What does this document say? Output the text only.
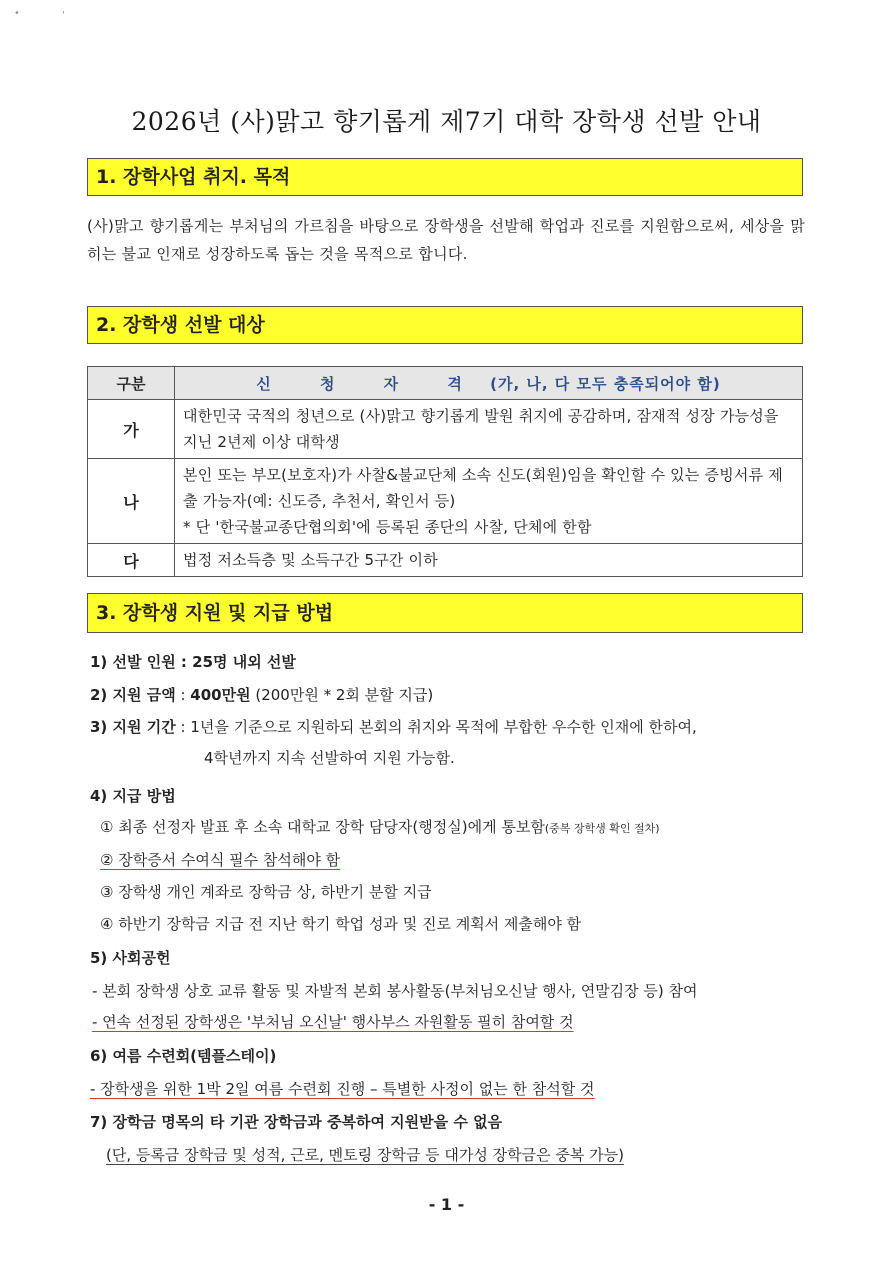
•	'
2026년 (사)맑고 향기롭게 제7기 대학 장학생 선발 안내
1. 장학사업 취지. 목적
(사)맑고 향기롭게는 부처님의 가르침을 바탕으로 장학생을 선발해 학업과 진로를 지원함으로써, 세상을 맑히는 불교 인재로 성장하도록 돕는 것을 목적으로 합니다.
2. 장학생 선발 대상
구분	신 청 자 격 (가, 나, 다 모두 충족되어야 함)
가	대한민국 국적의 청년으로 (사)맑고 향기롭게 발원 취지에 공감하며, 잠재적 성장 가능성을 지닌 2년제 이상 대학생
나	본인 또는 부모(보호자)가 사찰&불교단체 소속 신도(회원)임을 확인할 수 있는 증빙서류 제출 가능자(예: 신도증, 추천서, 확인서 등)
* 단 '한국불교종단협의회'에 등록된 종단의 사찰, 단체에 한함

다	법정 저소득층 및 소득구간 5구간 이하
3. 장학생 지원 및 지급 방법
1) 선발 인원 : 25명 내외 선발
2) 지원 금액 : 400만원 (200만원 * 2회 분할 지급)
3) 지원 기간 : 1년을 기준으로 지원하되 본회의 취지와 목적에 부합한 우수한 인재에 한하여,
4학년까지 지속 선발하여 지원 가능함.
4) 지급 방법
① 최종 선정자 발표 후 소속 대학교 장학 담당자(행정실)에게 통보함(중복 장학생 확인 절차)
② 장학증서 수여식 필수 참석해야 함
③ 장학생 개인 계좌로 장학금 상, 하반기 분할 지급
④ 하반기 장학금 지급 전 지난 학기 학업 성과 및 진로 계획서 제출해야 함
5) 사회공헌
- 본회 장학생 상호 교류 활동 및 자발적 본회 봉사활동(부처님오신날 행사, 연말김장 등) 참여
- 연속 선정된 장학생은 '부처님 오신날' 행사부스 자원활동 필히 참여할 것
6) 여름 수련회(템플스테이)
- 장학생을 위한 1박 2일 여름 수련회 진행 – 특별한 사정이 없는 한 참석할 것
7) 장학금 명목의 타 기관 장학금과 중복하여 지원받을 수 없음
(단, 등록금 장학금 및 성적, 근로, 멘토링 장학금 등 대가성 장학금은 중복 가능)
- 1 -
